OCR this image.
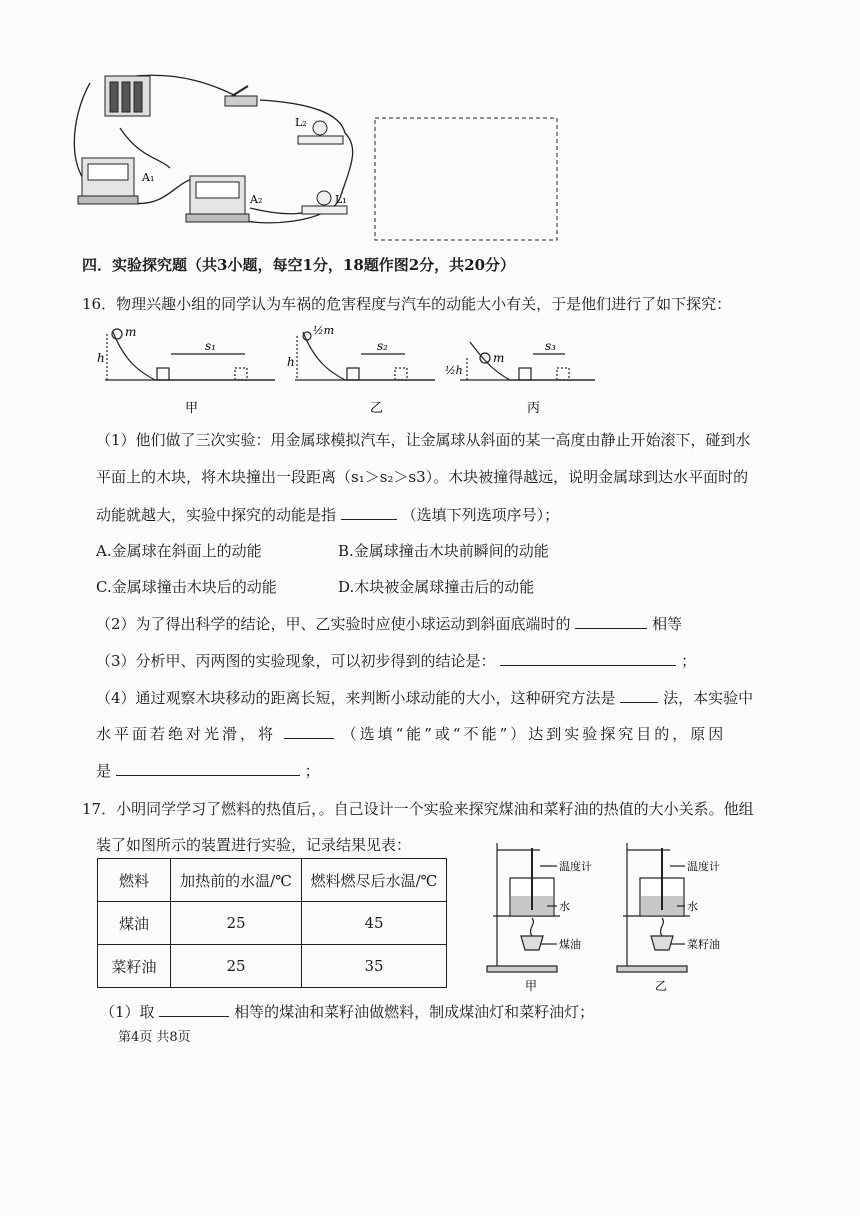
L₂
L₁
A₁
A₂
四．实验探究题（共3小题，每空1分，18题作图2分，共20分）
16．物理兴趣小组的同学认为车祸的危害程度与汽车的动能大小有关，于是他们进行了如下探究：
m
h
s₁
½m
h
s₂
m
½h
s₃
甲	乙	丙
（1）他们做了三次实验：用金属球模拟汽车，让金属球从斜面的某一高度由静止开始滚下，碰到水
平面上的木块，将木块撞出一段距离（s₁＞s₂＞s3）。木块被撞得越远，说明金属球到达水平面时的
动能就越大，实验中探究的动能是指	（选填下列选项序号）；
A.金属球在斜面上的动能	B.金属球撞击木块前瞬间的动能
C.金属球撞击木块后的动能	D.木块被金属球撞击后的动能
（2）为了得出科学的结论，甲、乙实验时应使小球运动到斜面底端时的	相等
（3）分析甲、丙两图的实验现象，可以初步得到的结论是：	；
（4）通过观察木块移动的距离长短，来判断小球动能的大小，这种研究方法是	法，本实验中
水平面若绝对光滑，将	（选填“能”或“不能”）达到实验探究目的，原因
是	；
17．小明同学学习了燃料的热值后，。自己设计一个实验来探究煤油和菜籽油的热值的大小关系。他组
装了如图所示的装置进行实验，记录结果见表：
燃料	加热前的水温/℃	燃料燃尽后水温/℃
煤油	25	45
菜籽油	25	35
温度计
水
煤油
温度计
水
菜籽油
甲	乙
（1）取	相等的煤油和菜籽油做燃料，制成煤油灯和菜籽油灯；
第4页 共8页
